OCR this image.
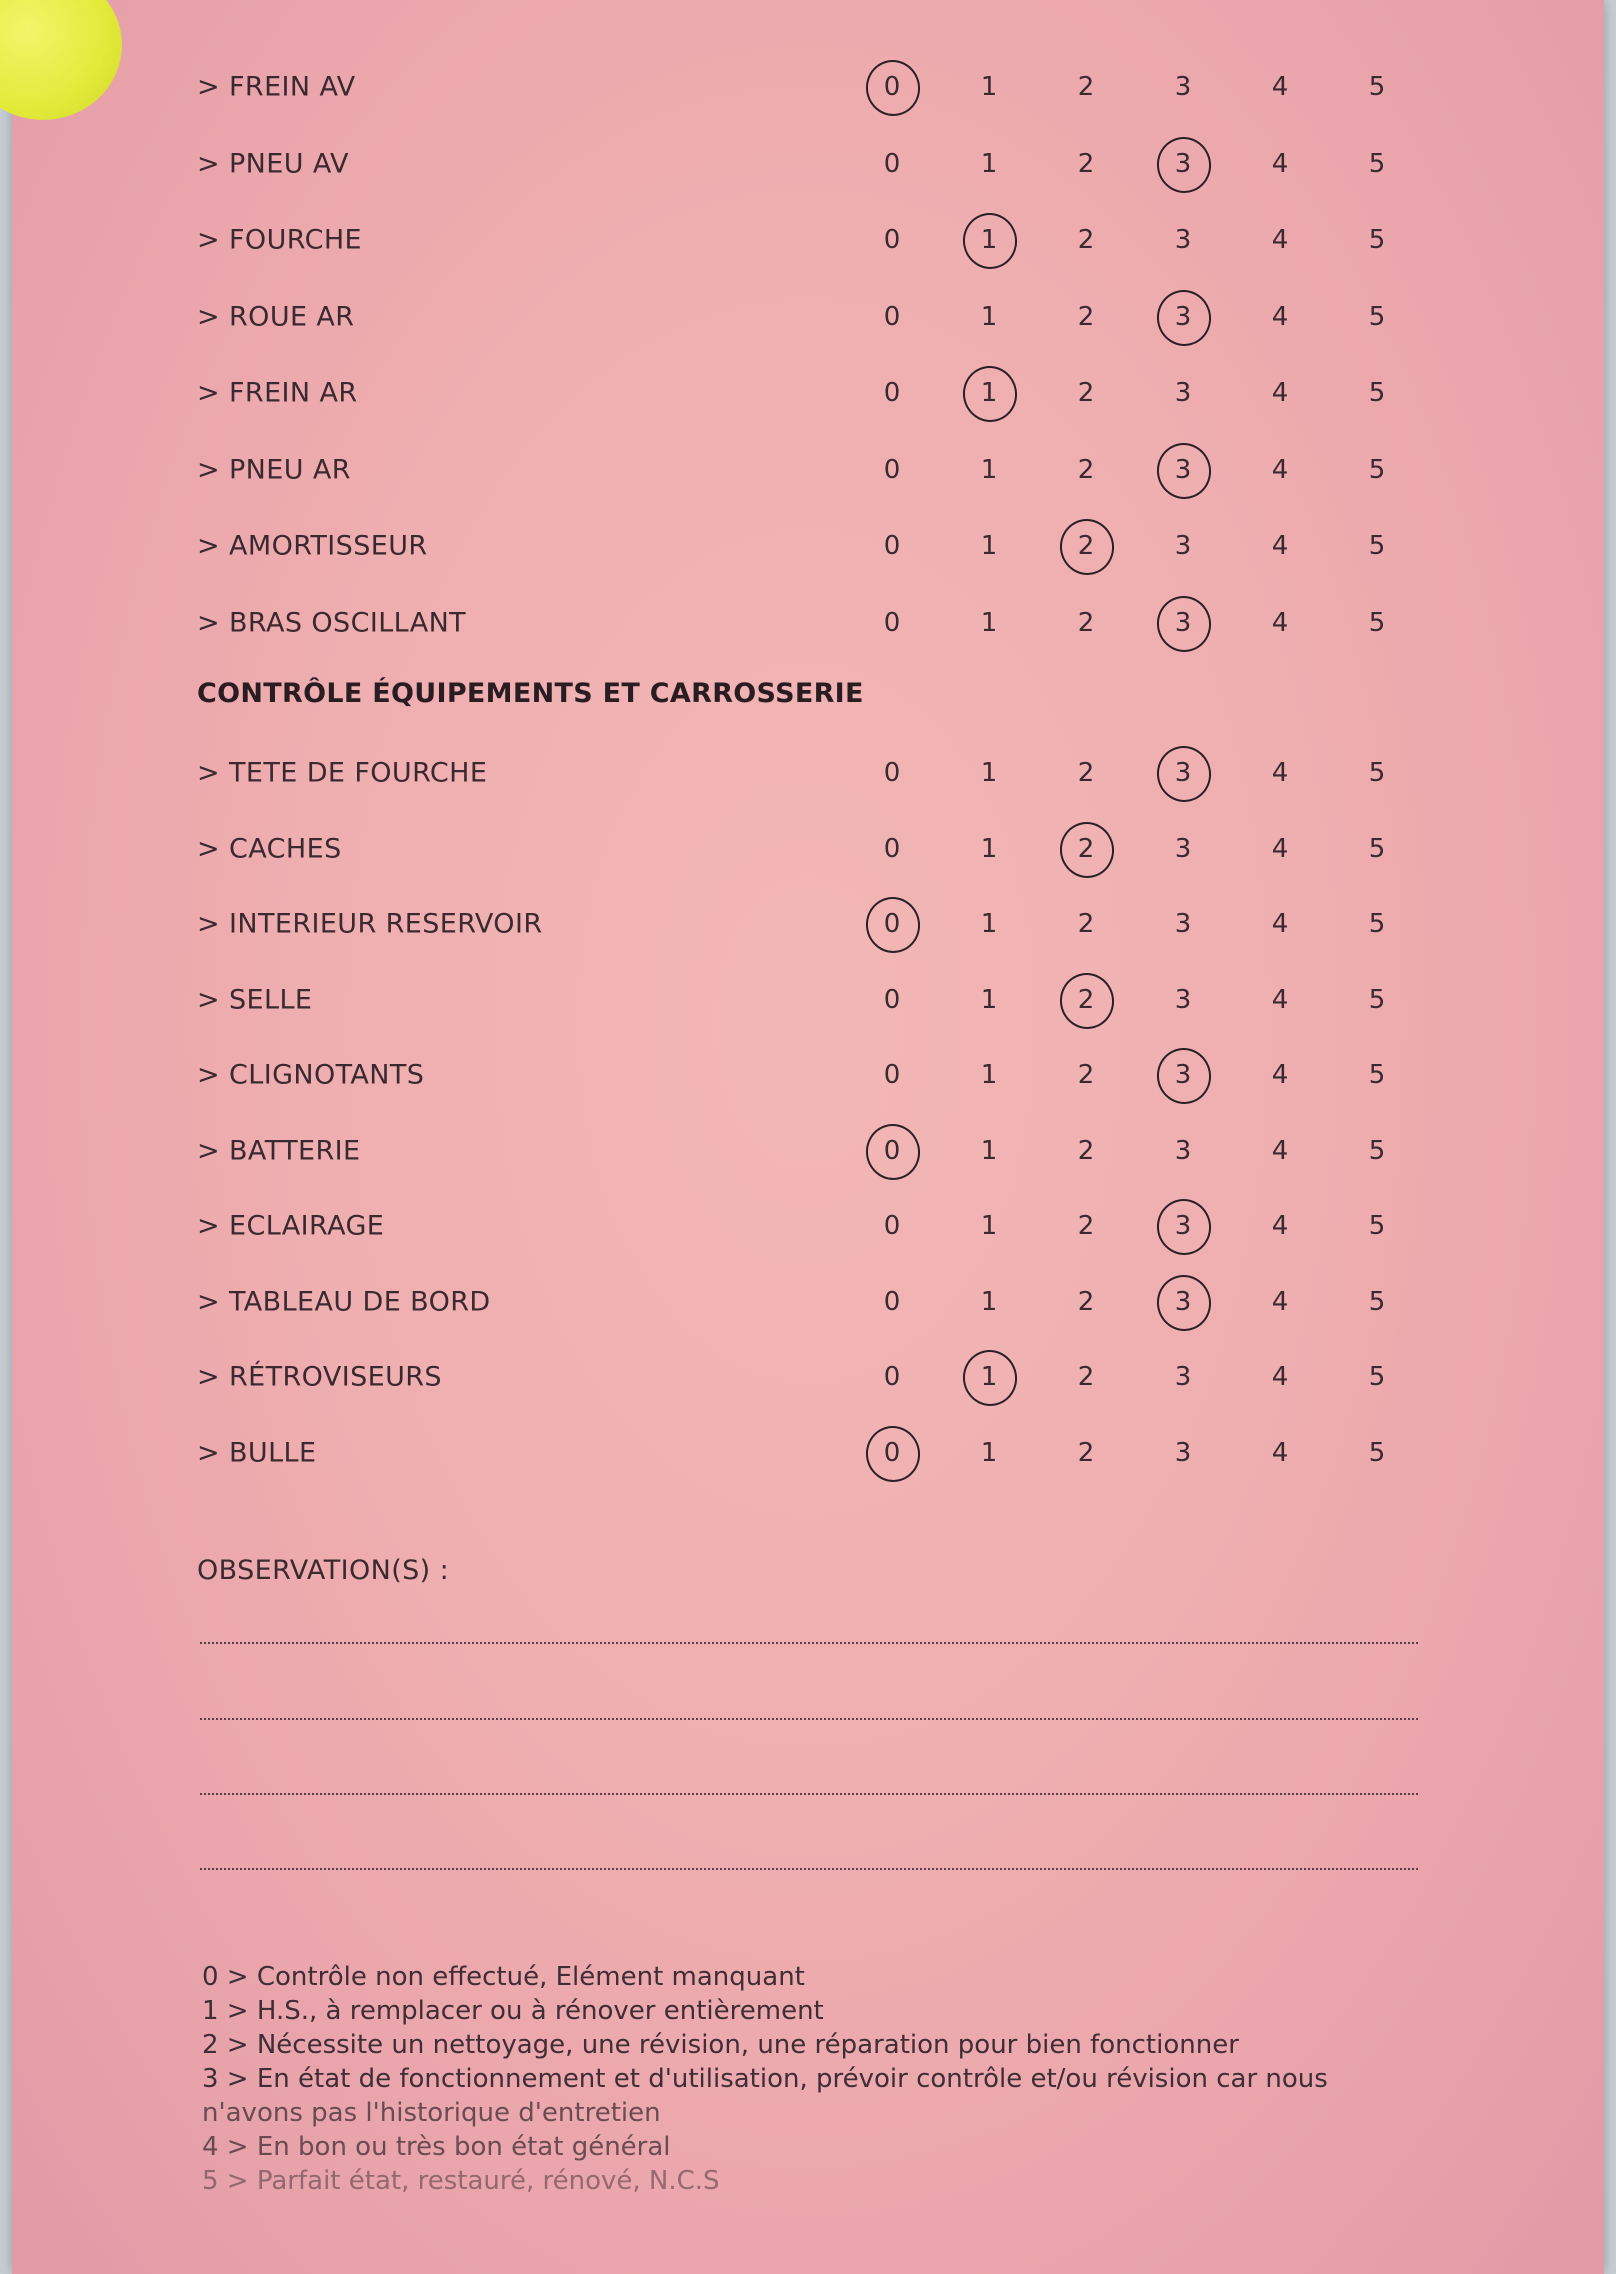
> FREIN AV	0	1	2	3	4	5
> PNEU AV	0	1	2	3	4	5
> FOURCHE	0	1	2	3	4	5
> ROUE AR	0	1	2	3	4	5
> FREIN AR	0	1	2	3	4	5
> PNEU AR	0	1	2	3	4	5
> AMORTISSEUR	0	1	2	3	4	5
> BRAS OSCILLANT	0	1	2	3	4	5
> TETE DE FOURCHE	0	1	2	3	4	5
> CACHES	0	1	2	3	4	5
> INTERIEUR RESERVOIR	0	1	2	3	4	5
> SELLE	0	1	2	3	4	5
> CLIGNOTANTS	0	1	2	3	4	5
> BATTERIE	0	1	2	3	4	5
> ECLAIRAGE	0	1	2	3	4	5
> TABLEAU DE BORD	0	1	2	3	4	5
> RÉTROVISEURS	0	1	2	3	4	5
> BULLE	0	1	2	3	4	5
CONTRÔLE ÉQUIPEMENTS ET CARROSSERIE
OBSERVATION(S) :
0 > Contrôle non effectué, Elément manquant
1 > H.S., à remplacer ou à rénover entièrement
2 > Nécessite un nettoyage, une révision, une réparation pour bien fonctionner
3 > En état de fonctionnement et d'utilisation, prévoir contrôle et/ou révision car nous
n'avons pas l'historique d'entretien
4 > En bon ou très bon état général
5 > Parfait état, restauré, rénové, N.C.S
